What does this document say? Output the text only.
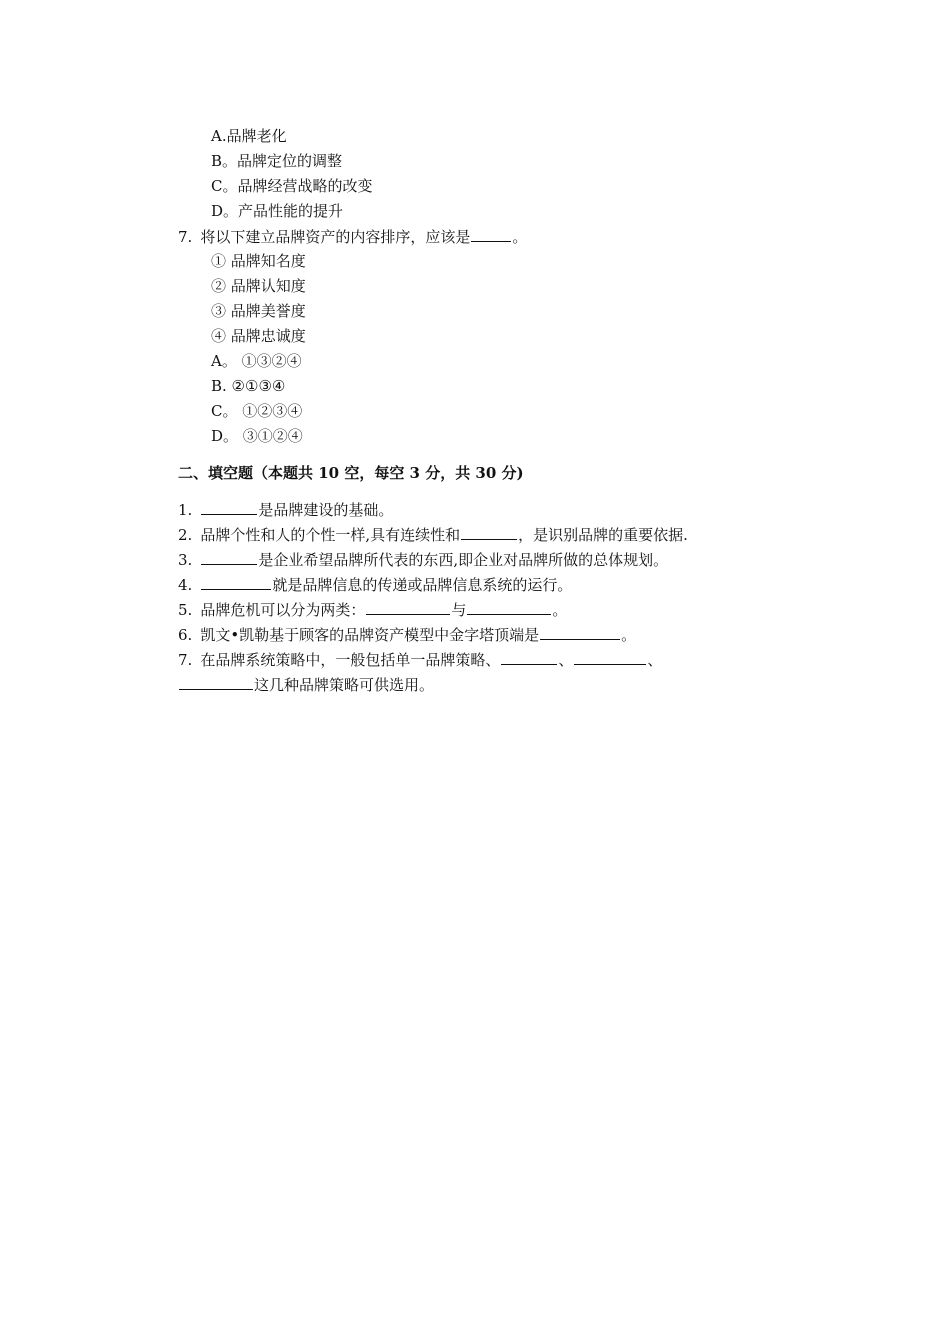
A.品牌老化
B。品牌定位的调整
C。品牌经营战略的改变
D。产品性能的提升
7. 将以下建立品牌资产的内容排序，应该是	。
① 品牌知名度
② 品牌认知度
③ 品牌美誉度
④ 品牌忠诚度
A。 ①③②④
B. ②①③④
C。 ①②③④
D。 ③①②④
二、填空题（本题共 10 空，每空 3 分，共 30 分)
1.	是品牌建设的基础。
2. 品牌个性和人的个性一样,具有连续性和	，是识别品牌的重要依据.
3.	是企业希望品牌所代表的东西,即企业对品牌所做的总体规划。
4.	就是品牌信息的传递或品牌信息系统的运行。
5. 品牌危机可以分为两类：	与	。
6. 凯文•凯勒基于顾客的品牌资产模型中金字塔顶端是	。
7. 在品牌系统策略中，一般包括单一品牌策略、	、	、
这几种品牌策略可供选用。
